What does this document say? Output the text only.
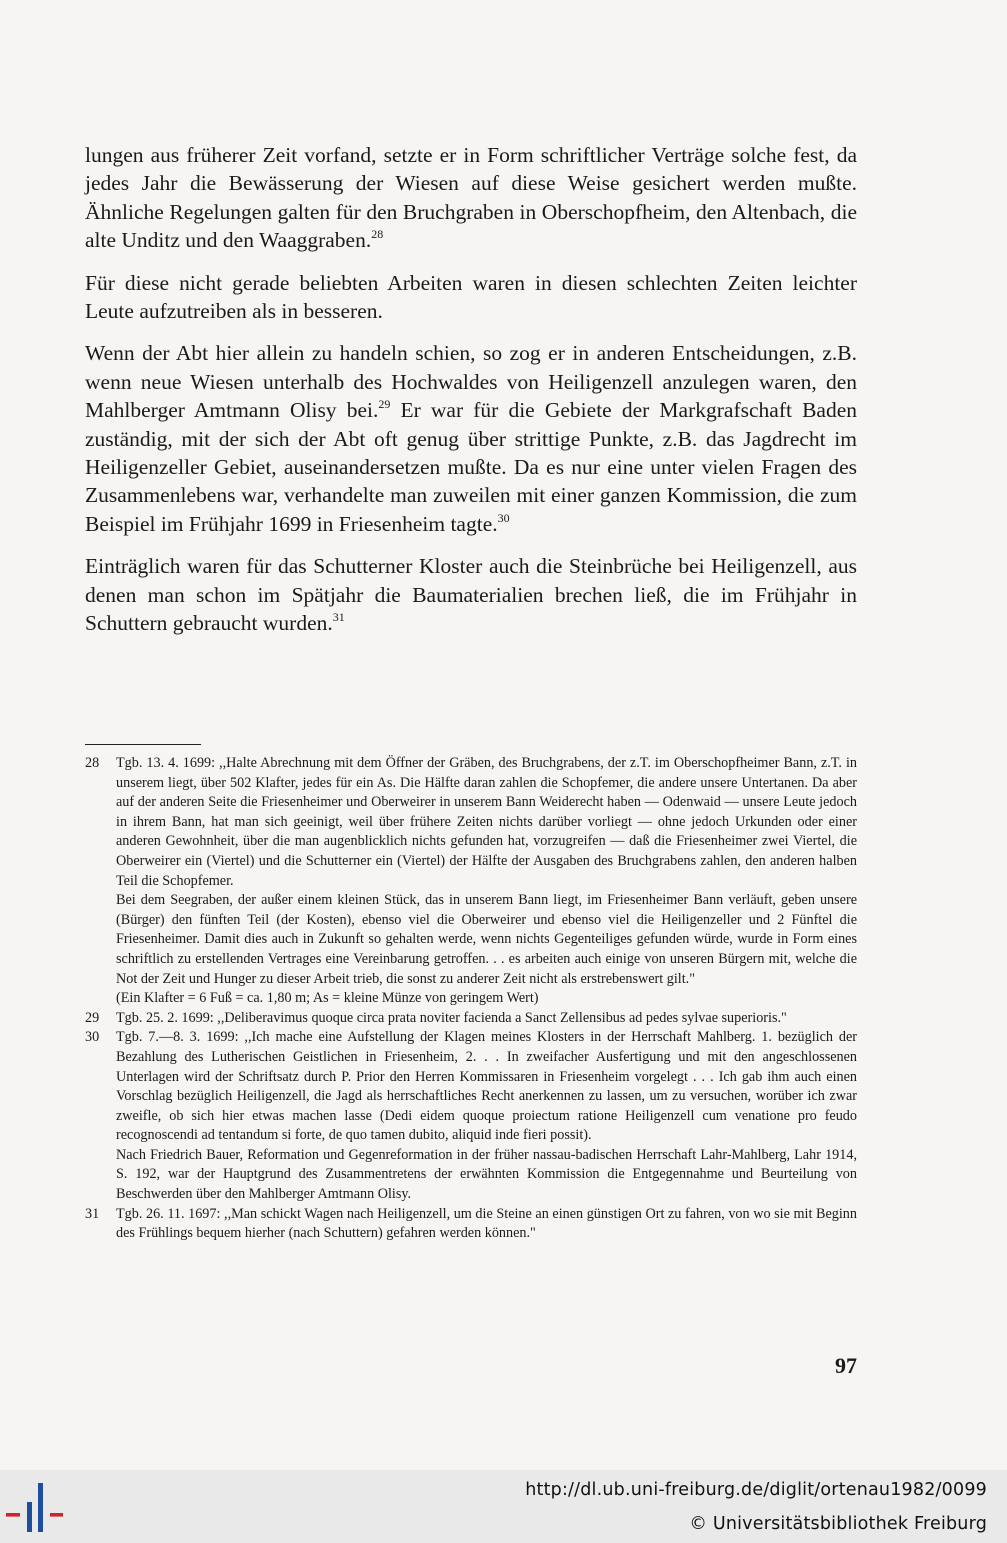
lungen aus früherer Zeit vorfand, setzte er in Form schriftlicher Verträge solche fest, da jedes Jahr die Bewässerung der Wiesen auf diese Weise gesichert werden mußte. Ähnliche Regelungen galten für den Bruchgraben in Oberschopfheim, den Altenbach, die alte Unditz und den Waaggraben.$^{28}$

Für diese nicht gerade beliebten Arbeiten waren in diesen schlechten Zeiten leichter Leute aufzutreiben als in besseren.

Wenn der Abt hier allein zu handeln schien, so zog er in anderen Entscheidungen, z.B. wenn neue Wiesen unterhalb des Hochwaldes von Heiligenzell anzulegen waren, den Mahlberger Amtmann Olisy bei.$^{29}$ Er war für die Gebiete der Markgrafschaft Baden zuständig, mit der sich der Abt oft genug über strittige Punkte, z.B. das Jagdrecht im Heiligenzeller Gebiet, auseinandersetzen mußte. Da es nur eine unter vielen Fragen des Zusammenlebens war, verhandelte man zuweilen mit einer ganzen Kommission, die zum Beispiel im Frühjahr 1699 in Friesenheim tagte.$^{30}$

Einträglich waren für das Schutterner Kloster auch die Steinbrüche bei Heiligenzell, aus denen man schon im Spätjahr die Baumaterialien brechen ließ, die im Frühjahr in Schuttern gebraucht wurden.$^{31}$

28 Tgb. 13. 4. 1699: ,,Halte Abrechnung mit dem Öffner der Gräben, des Bruchgrabens, der z.T. im Oberschopfheimer Bann, z.T. in unserem liegt, über 502 Klafter, jedes für ein As. Die Hälfte daran zahlen die Schopfemer, die andere unsere Untertanen. Da aber auf der anderen Seite die Friesenheimer und Oberweirer in unserem Bann Weiderecht haben — Odenwaid — unsere Leute jedoch in ihrem Bann, hat man sich geeinigt, weil über frühere Zeiten nichts darüber vorliegt — ohne jedoch Urkunden oder einer anderen Gewohnheit, über die man augenblicklich nichts gefunden hat, vorzugreifen — daß die Friesenheimer zwei Viertel, die Oberweirer ein (Viertel) und die Schutterner ein (Viertel) der Hälfte der Ausgaben des Bruchgrabens zahlen, den anderen halben Teil die Schopfemer.
Bei dem Seegraben, der außer einem kleinen Stück, das in unserem Bann liegt, im Friesenheimer Bann verläuft, geben unsere (Bürger) den fünften Teil (der Kosten), ebenso viel die Oberweirer und ebenso viel die Heiligenzeller und 2 Fünftel die Friesenheimer. Damit dies auch in Zukunft so gehalten werde, wenn nichts Gegenteiliges gefunden würde, wurde in Form eines schriftlich zu erstellenden Vertrages eine Vereinbarung getroffen. . . es arbeiten auch einige von unseren Bürgern mit, welche die Not der Zeit und Hunger zu dieser Arbeit trieb, die sonst zu anderer Zeit nicht als erstrebenswert gilt."
(Ein Klafter = 6 Fuß = ca. 1,80 m; As = kleine Münze von geringem Wert)
29 Tgb. 25. 2. 1699: ,,Deliberavimus quoque circa prata noviter facienda a Sanct Zellensibus ad pedes sylvae superioris."
30 Tgb. 7.—8. 3. 1699: ,,Ich mache eine Aufstellung der Klagen meines Klosters in der Herrschaft Mahlberg. 1. bezüglich der Bezahlung des Lutherischen Geistlichen in Friesenheim, 2. . . In zweifacher Ausfertigung und mit den angeschlossenen Unterlagen wird der Schriftsatz durch P. Prior den Herren Kommissaren in Friesenheim vorgelegt . . . Ich gab ihm auch einen Vorschlag bezüglich Heiligenzell, die Jagd als herrschaftliches Recht anerkennen zu lassen, um zu versuchen, worüber ich zwar zweifle, ob sich hier etwas machen lasse (Dedi eidem quoque proiectum ratione Heiligenzell cum venatione pro feudo recognoscendi ad tentandum si forte, de quo tamen dubito, aliquid inde fieri possit).
Nach Friedrich Bauer, Reformation und Gegenreformation in der früher nassau-badischen Herrschaft Lahr-Mahlberg, Lahr 1914, S. 192, war der Hauptgrund des Zusammentretens der erwähnten Kommission die Entgegennahme und Beurteilung von Beschwerden über den Mahlberger Amtmann Olisy.
31 Tgb. 26. 11. 1697: ,,Man schickt Wagen nach Heiligenzell, um die Steine an einen günstigen Ort zu fahren, von wo sie mit Beginn des Frühlings bequem hierher (nach Schuttern) gefahren werden können."
97
http://dl.ub.uni-freiburg.de/diglit/ortenau1982/0099
© Universitätsbibliothek Freiburg
